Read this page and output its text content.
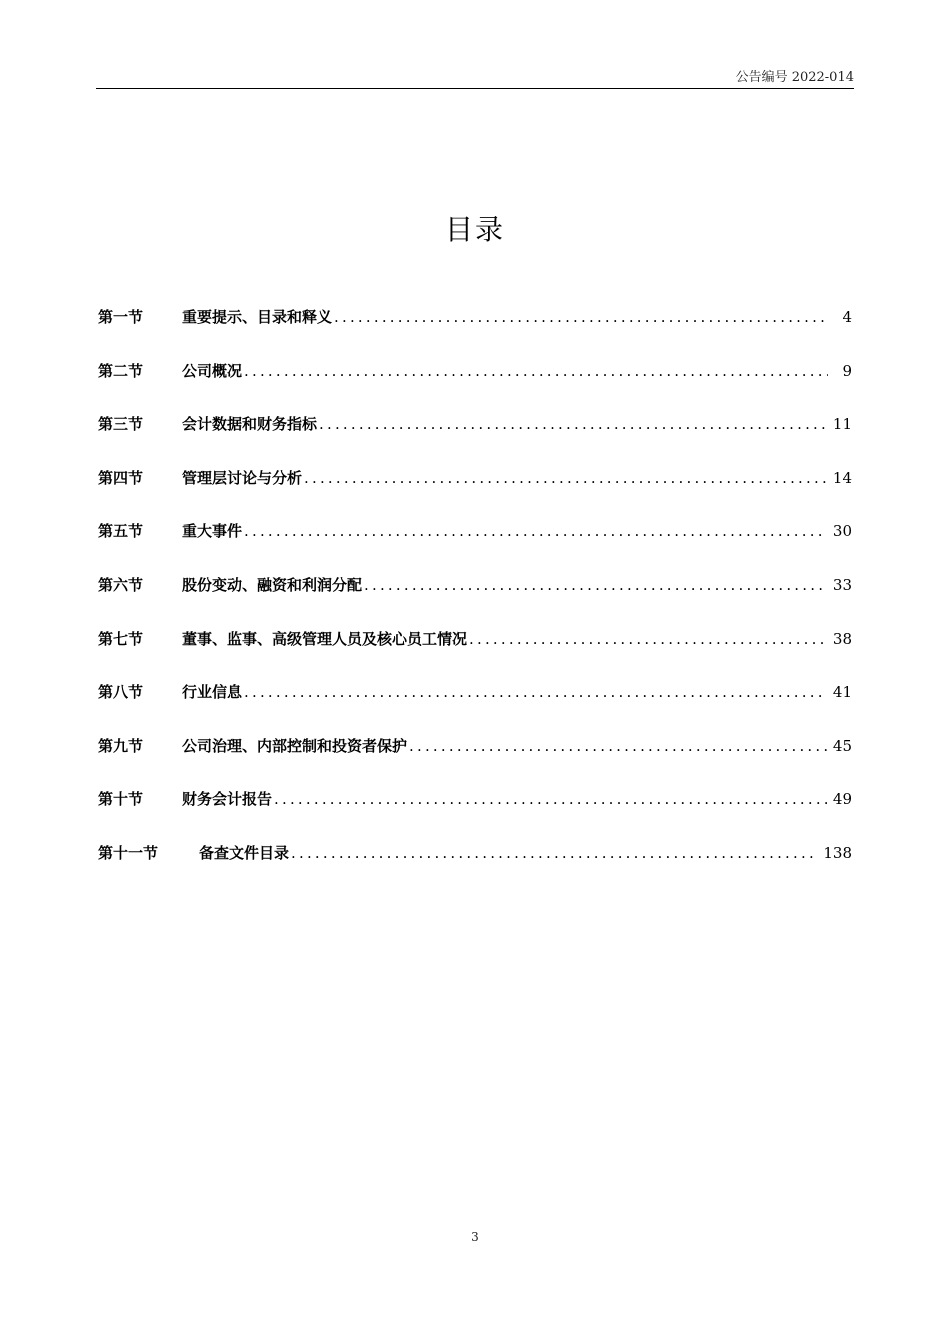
公告编号 2022-014
目录
第一节	重要提示、目录和释义 .....	4
第二节	公司概况 .....	9
第三节	会计数据和财务指标 .....	11
第四节	管理层讨论与分析 .....	14
第五节	重大事件 .....	30
第六节	股份变动、融资和利润分配 .....	33
第七节	董事、监事、高级管理人员及核心员工情况 .....	38
第八节	行业信息 .....	41
第九节	公司治理、内部控制和投资者保护 .....	45
第十节	财务会计报告 .....	49
第十一节	备查文件目录 .....	138
3
